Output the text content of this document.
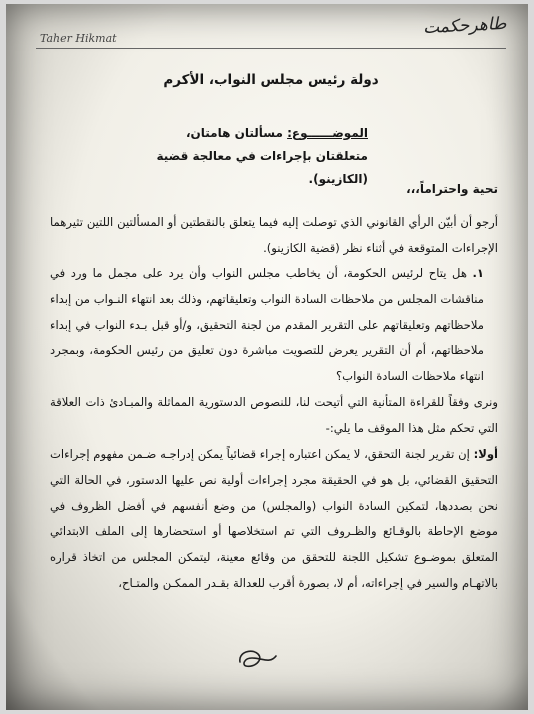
طاهرحكمت
Taher Hikmat
دولة رئيس مجلس النواب، الأكرم
الموضــــــوع: مسألتان هامتان، متعلقتان بإجراءات في معالجة قضية (الكازينو).
تحية واحتراماً،،،
أرجو أن أبيّن الرأي القانوني الذي توصلت إليه فيما يتعلق بالنقطتين أو المسألتين اللتين تثيرهما الإجراءات المتوقعة في أثناء نظر (قضية الكازينو).
١. هل يتاح لرئيس الحكومة، أن يخاطب مجلس النواب وأن يرد على مجمل ما ورد في مناقشات المجلس من ملاحظات السادة النواب وتعليقاتهم، وذلك بعد انتهاء النـواب من إبداء ملاحظاتهم وتعليقاتهم على التقرير المقدم من لجنة التحقيق، و/أو قبل بـدء النواب في إبداء ملاحظاتهم، أم أن التقرير يعرض للتصويت مباشرة دون تعليق من رئيس الحكومة، وبمجرد انتهاء ملاحظات السادة النواب؟
ونرى وفقاً للقراءة المتأنية التي أتيحت لنا، للنصوص الدستورية المماثلة والمبـادئ ذات العلاقة التي تحكم مثل هذا الموقف ما يلي:-
أولا: إن تقرير لجنة التحقق، لا يمكن اعتباره إجراء قضائياً يمكن إدراجـه ضـمن مفهوم إجراءات التحقيق القضائي، بل هو في الحقيقة مجرد إجراءات أولية نص عليها الدستور، في الحالة التي نحن بصددها، لتمكين السادة النواب (والمجلس) من وضع أنفسهم في أفضل الظروف في موضع الإحاطة بالوقـائع والظـروف التي تم استخلاصها أو استحضارها إلى الملف الابتدائي المتعلق بموضـوع تشكيل اللجنة للتحقق من وقائع معينة، ليتمكن المجلس من اتخاذ قراره بالاتهـام والسير في إجراءاته، أم لا، بصورة أقرب للعدالة بقـدر الممكـن والمتـاح،
